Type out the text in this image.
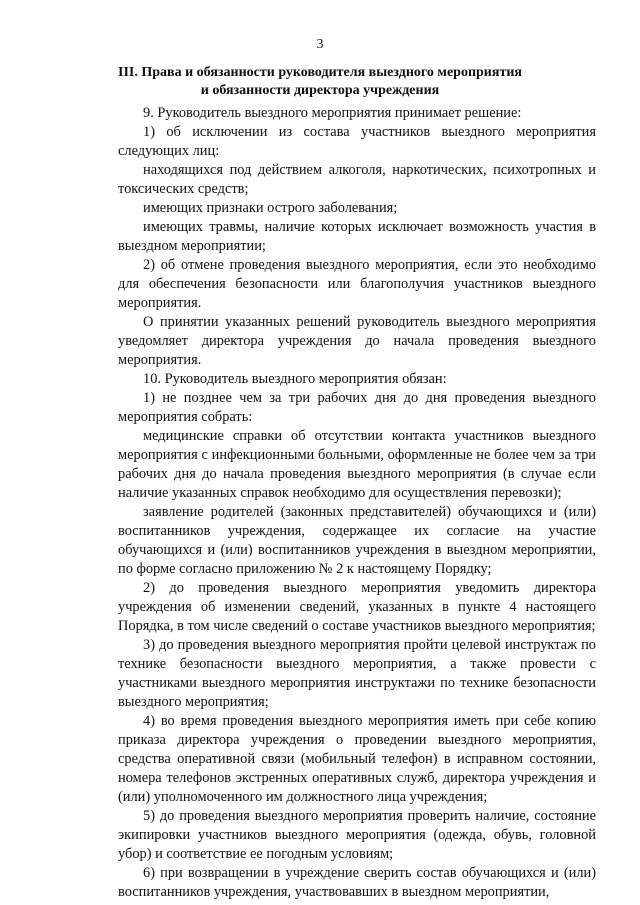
3
III. Права и обязанности руководителя выездного мероприятия
и обязанности директора учреждения

9. Руководитель выездного мероприятия принимает решение:

1) об исключении из состава участников выездного мероприятия следующих лиц:

находящихся под действием алкоголя, наркотических, психотропных и токсических средств;

имеющих признаки острого заболевания;

имеющих травмы, наличие которых исключает возможность участия в выездном мероприятии;

2) об отмене проведения выездного мероприятия, если это необходимо для обеспечения безопасности или благополучия участников выездного мероприятия.

О принятии указанных решений руководитель выездного мероприятия уведомляет директора учреждения до начала проведения выездного мероприятия.

10. Руководитель выездного мероприятия обязан:

1) не позднее чем за три рабочих дня до дня проведения выездного мероприятия собрать:

медицинские справки об отсутствии контакта участников выездного мероприятия с инфекционными больными, оформленные не более чем за три рабочих дня до начала проведения выездного мероприятия (в случае если наличие указанных справок необходимо для осуществления перевозки);

заявление родителей (законных представителей) обучающихся и (или) воспитанников учреждения, содержащее их согласие на участие обучающихся и (или) воспитанников учреждения в выездном мероприятии, по форме согласно приложению № 2 к настоящему Порядку;

2) до проведения выездного мероприятия уведомить директора учреждения об изменении сведений, указанных в пункте 4 настоящего Порядка, в том числе сведений о составе участников выездного мероприятия;

3) до проведения выездного мероприятия пройти целевой инструктаж по технике безопасности выездного мероприятия, а также провести с участниками выездного мероприятия инструктажи по технике безопасности выездного мероприятия;

4) во время проведения выездного мероприятия иметь при себе копию приказа директора учреждения о проведении выездного мероприятия, средства оперативной связи (мобильный телефон) в исправном состоянии, номера телефонов экстренных оперативных служб, директора учреждения и (или) уполномоченного им должностного лица учреждения;

5) до проведения выездного мероприятия проверить наличие, состояние экипировки участников выездного мероприятия (одежда, обувь, головной убор) и соответствие ее погодным условиям;

6) при возвращении в учреждение сверить состав обучающихся и (или) воспитанников учреждения, участвовавших в выездном мероприятии,
